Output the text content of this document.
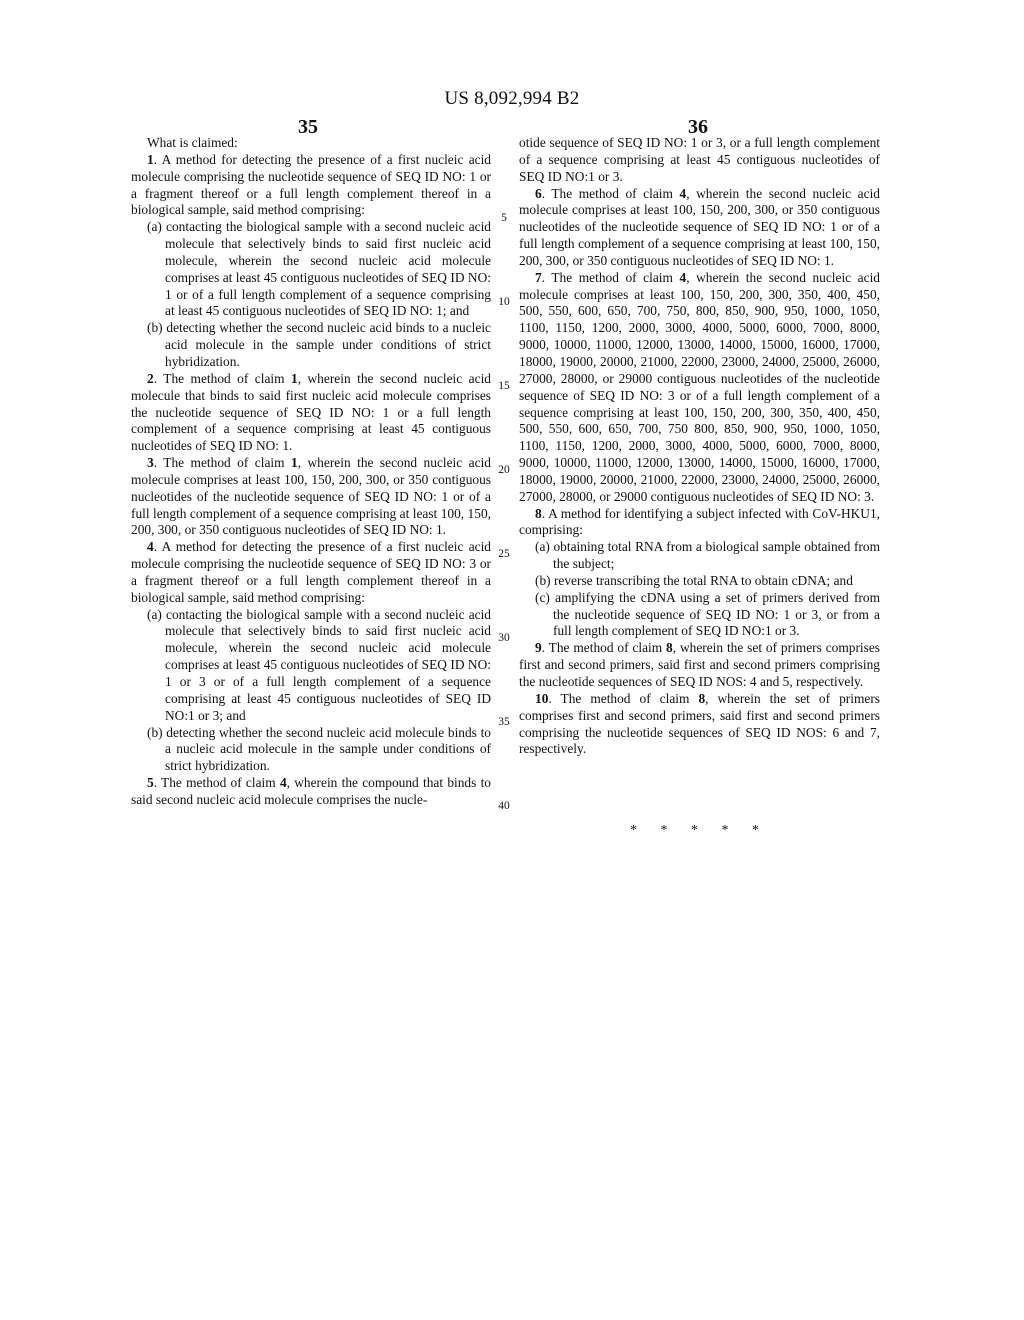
US 8,092,994 B2
35	36

What is claimed:

1. A method for detecting the presence of a first nucleic acid molecule comprising the nucleotide sequence of SEQ ID NO: 1 or a fragment thereof or a full length complement thereof in a biological sample, said method comprising:

(a) contacting the biological sample with a second nucleic acid molecule that selectively binds to said first nucleic acid molecule, wherein the second nucleic acid molecule comprises at least 45 contiguous nucleotides of SEQ ID NO: 1 or of a full length complement of a sequence comprising at least 45 contiguous nucleotides of SEQ ID NO: 1; and

(b) detecting whether the second nucleic acid binds to a nucleic acid molecule in the sample under conditions of strict hybridization.

2. The method of claim 1, wherein the second nucleic acid molecule that binds to said first nucleic acid molecule comprises the nucleotide sequence of SEQ ID NO: 1 or a full length complement of a sequence comprising at least 45 contiguous nucleotides of SEQ ID NO: 1.

3. The method of claim 1, wherein the second nucleic acid molecule comprises at least 100, 150, 200, 300, or 350 contiguous nucleotides of the nucleotide sequence of SEQ ID NO: 1 or of a full length complement of a sequence comprising at least 100, 150, 200, 300, or 350 contiguous nucleotides of SEQ ID NO: 1.

4. A method for detecting the presence of a first nucleic acid molecule comprising the nucleotide sequence of SEQ ID NO: 3 or a fragment thereof or a full length complement thereof in a biological sample, said method comprising:

(a) contacting the biological sample with a second nucleic acid molecule that selectively binds to said first nucleic acid molecule, wherein the second nucleic acid molecule comprises at least 45 contiguous nucleotides of SEQ ID NO: 1 or 3 or of a full length complement of a sequence comprising at least 45 contiguous nucleotides of SEQ ID NO:1 or 3; and

(b) detecting whether the second nucleic acid molecule binds to a nucleic acid molecule in the sample under conditions of strict hybridization.

5. The method of claim 4, wherein the compound that binds to said second nucleic acid molecule comprises the nucle-

5
10
15
20
25
30
35
40

otide sequence of SEQ ID NO: 1 or 3, or a full length complement of a sequence comprising at least 45 contiguous nucleotides of SEQ ID NO:1 or 3.

6. The method of claim 4, wherein the second nucleic acid molecule comprises at least 100, 150, 200, 300, or 350 contiguous nucleotides of the nucleotide sequence of SEQ ID NO: 1 or of a full length complement of a sequence comprising at least 100, 150, 200, 300, or 350 contiguous nucleotides of SEQ ID NO: 1.

7. The method of claim 4, wherein the second nucleic acid molecule comprises at least 100, 150, 200, 300, 350, 400, 450, 500, 550, 600, 650, 700, 750, 800, 850, 900, 950, 1000, 1050, 1100, 1150, 1200, 2000, 3000, 4000, 5000, 6000, 7000, 8000, 9000, 10000, 11000, 12000, 13000, 14000, 15000, 16000, 17000, 18000, 19000, 20000, 21000, 22000, 23000, 24000, 25000, 26000, 27000, 28000, or 29000 contiguous nucleotides of the nucleotide sequence of SEQ ID NO: 3 or of a full length complement of a sequence comprising at least 100, 150, 200, 300, 350, 400, 450, 500, 550, 600, 650, 700, 750 800, 850, 900, 950, 1000, 1050, 1100, 1150, 1200, 2000, 3000, 4000, 5000, 6000, 7000, 8000, 9000, 10000, 11000, 12000, 13000, 14000, 15000, 16000, 17000, 18000, 19000, 20000, 21000, 22000, 23000, 24000, 25000, 26000, 27000, 28000, or 29000 contiguous nucleotides of SEQ ID NO: 3.

8. A method for identifying a subject infected with CoV-HKU1, comprising:

(a) obtaining total RNA from a biological sample obtained from the subject;

(b) reverse transcribing the total RNA to obtain cDNA; and

(c) amplifying the cDNA using a set of primers derived from the nucleotide sequence of SEQ ID NO: 1 or 3, or from a full length complement of SEQ ID NO:1 or 3.

9. The method of claim 8, wherein the set of primers comprises first and second primers, said first and second primers comprising the nucleotide sequences of SEQ ID NOS: 4 and 5, respectively.

10. The method of claim 8, wherein the set of primers comprises first and second primers, said first and second primers comprising the nucleotide sequences of SEQ ID NOS: 6 and 7, respectively.

* * * * *
